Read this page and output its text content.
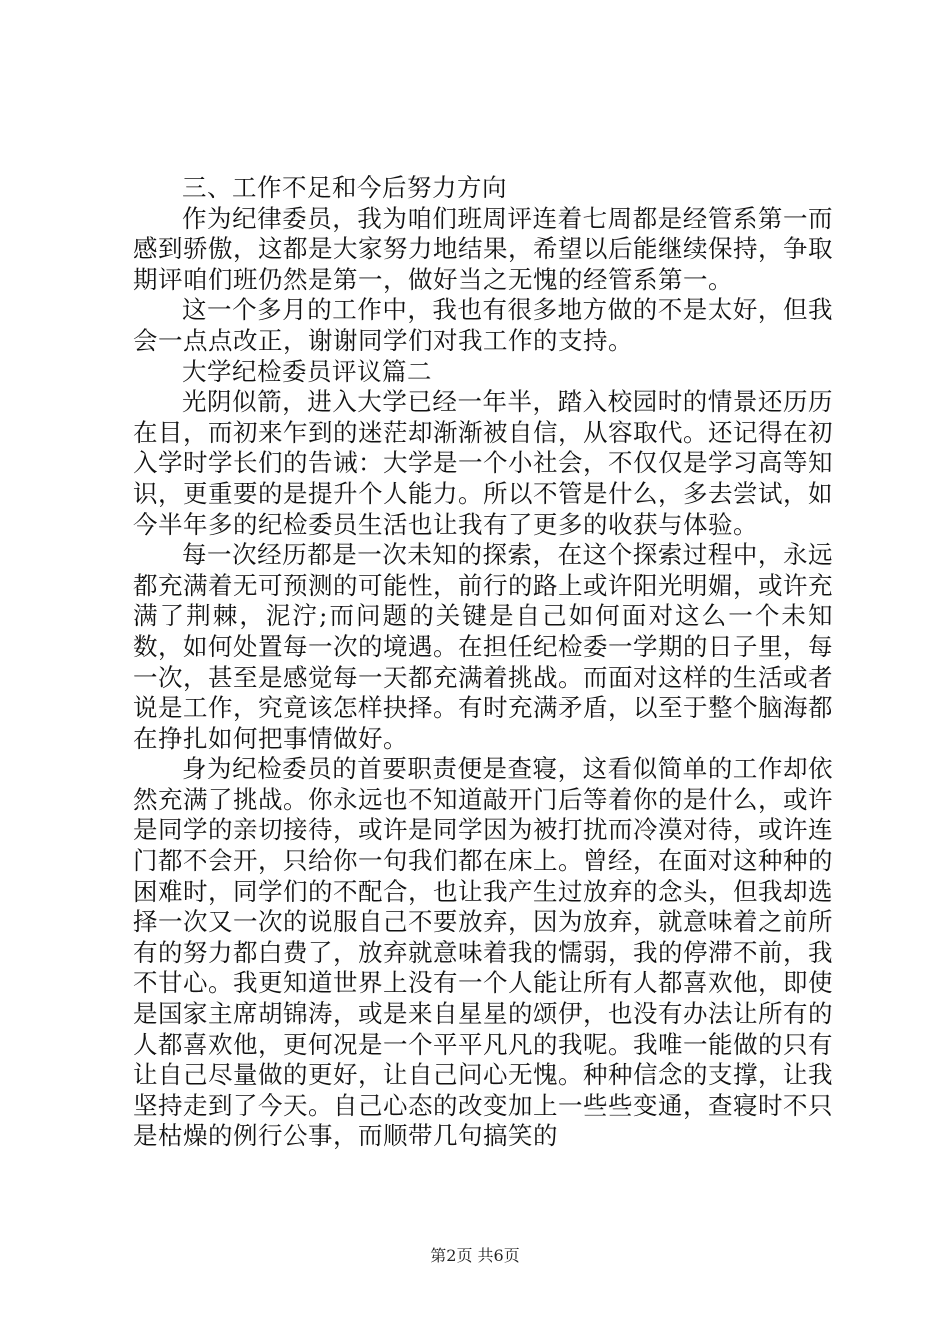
三、工作不足和今后努力方向

作为纪律委员，我为咱们班周评连着七周都是经管系第一而感到骄傲，这都是大家努力地结果，希望以后能继续保持，争取期评咱们班仍然是第一，做好当之无愧的经管系第一。

这一个多月的工作中，我也有很多地方做的不是太好，但我会一点点改正，谢谢同学们对我工作的支持。

大学纪检委员评议篇二

光阴似箭，进入大学已经一年半，踏入校园时的情景还历历在目，而初来乍到的迷茫却渐渐被自信，从容取代。还记得在初入学时学长们的告诫：大学是一个小社会，不仅仅是学习高等知识，更重要的是提升个人能力。所以不管是什么，多去尝试，如今半年多的纪检委员生活也让我有了更多的收获与体验。

每一次经历都是一次未知的探索，在这个探索过程中，永远都充满着无可预测的可能性，前行的路上或许阳光明媚，或许充满了荆棘，泥泞;而问题的关键是自己如何面对这么一个未知数，如何处置每一次的境遇。在担任纪检委一学期的日子里，每一次，甚至是感觉每一天都充满着挑战。而面对这样的生活或者说是工作，究竟该怎样抉择。有时充满矛盾，以至于整个脑海都在挣扎如何把事情做好。

身为纪检委员的首要职责便是查寝，这看似简单的工作却依然充满了挑战。你永远也不知道敲开门后等着你的是什么，或许是同学的亲切接待，或许是同学因为被打扰而冷漠对待，或许连门都不会开，只给你一句我们都在床上。曾经，在面对这种种的困难时，同学们的不配合，也让我产生过放弃的念头，但我却选择一次又一次的说服自己不要放弃，因为放弃，就意味着之前所有的努力都白费了，放弃就意味着我的懦弱，我的停滞不前，我不甘心。我更知道世界上没有一个人能让所有人都喜欢他，即使是国家主席胡锦涛，或是来自星星的颂伊，也没有办法让所有的人都喜欢他，更何况是一个平平凡凡的我呢。我唯一能做的只有让自己尽量做的更好，让自己问心无愧。种种信念的支撑，让我坚持走到了今天。自己心态的改变加上一些些变通，查寝时不只是枯燥的例行公事，而顺带几句搞笑的

第2页 共6页
